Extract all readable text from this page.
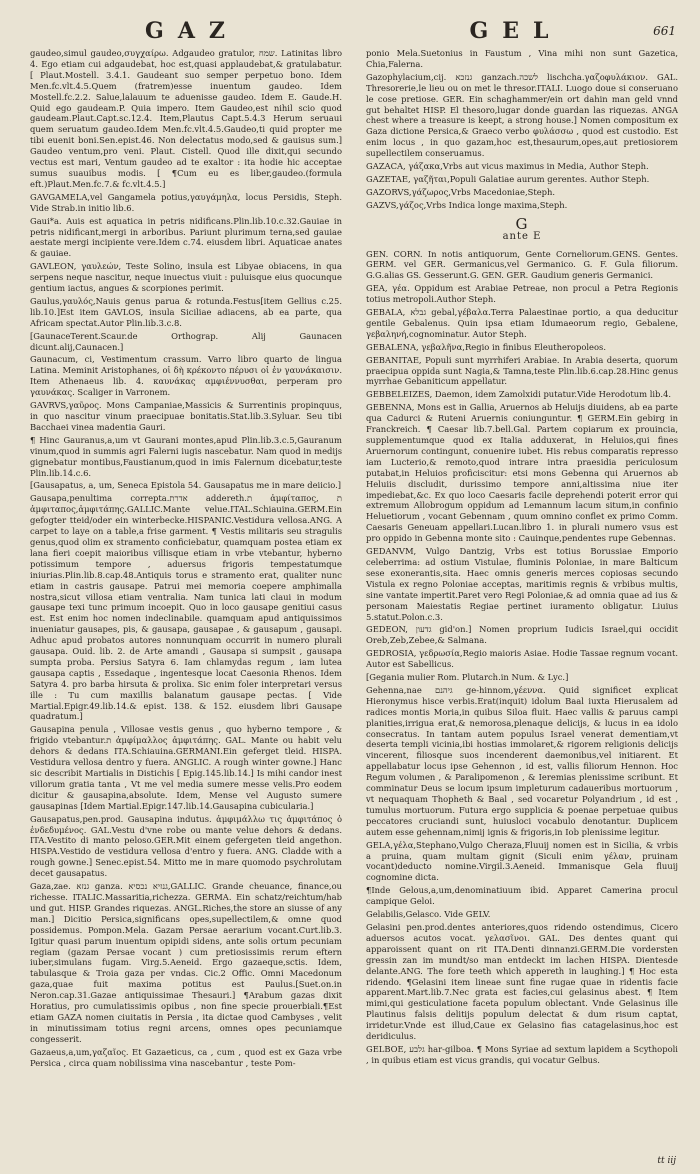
GAZ	GEL	661

gaudeo,simul gaudeo,συγχαίρω. Adgaudeo gratulor, שמח. Latinitas libro 4. Ego etiam cui adgaudebat, hoc est,quasi applaudebat,& gratulabatur. [ Plaut.Mostell. 3.4.1. Gaudeant suo semper perpetuo bono. Idem Men.fc.vlt.4.5.Quem (fratrem)esse inuentum gaudeo. Idem Mostell.fc.2.2. Salue,lalauum te aduenisse gaudeo. Idem E. Gaude.H. Quid ego gaudeam.P. Quia impero. Item Gaudeo,est nihil scio quod gaudeam.Plaut.Capt.sc.12.4. Item,Plautus Capt.5.4.3 Herum seruaui quem seruatum gaudeo.Idem Men.fc.vlt.4.5.Gaudeo,ti quid propter me tibi euenit boni.Sen.epist.46. Non delectatus modo,sed & gauisus sum.] Gaudeo ventum,pro veni. Plaut. Cistell. Quod ille dixit,qui secundo vectus est mari, Ventum gaudeo ad te exaltor : ita hodie hic acceptae sumus suauibus modis. [ ¶Cum eu es liber,gaudeo.(formula eft.)Plaut.Men.fc.7.& fc.vlt.4.5.]

GAVGAMELA,vel Gangamela potius,γαυγάμηλα, locus Persidis, Steph. Vide Strab.in initio lib.6.

Gaui*a. Auis est aquatica in petris nidificans.Plin.lib.10.c.32.Gauiae in petris nidificant,mergi in arboribus. Pariunt plurimum terna,sed gauiae aestate mergi incipiente vere.Idem c.74. eiusdem libri. Aquaticae anates & gauiae.

GAVLEON, γαυλεών, Teste Solino, insula est Libyae obiacens, in qua serpens neque nascitur, neque inuectus viuit : puluisque eius quocunque gentium iactus, angues & scorpiones perimit.

Gaulus,γαυλός,Nauis genus parua & rotunda.Festus[item Gellius c.25. lib.10.]Est item GAVLOS, insula Siciliae adiacens, ab ea parte, qua Africam spectat.Autor Plin.lib.3.c.8.

[GaunaceTerent.Scaur.de Orthograp. Alij Gaunacen dicunt.alij,Caunacen.]

Gaunacum, ci, Vestimentum crassum. Varro libro quarto de lingua Latina. Meminit Aristophanes, οἱ δὴ κρέκοντο πέρυσι οἱ ἐν γαυνάκαισιν. Item Athenaeus lib. 4. καυνάκας αμφιέννυσθαι, perperam pro γαυνάκας. Scaliger in Varronem.

GAVRVS,γαῦρος. Mons Campaniae,Massicis & Surrentinis propinquus, in quo nascitur vinum praecipuae bonitatis.Stat.lib.3.Syluar. Seu tibi Bacchaei vinea madentia Gauri.

¶ Hinc Gauranus,a,um vt Gaurani montes,apud Plin.lib.3.c.5,Gauranum vinum,quod in summis agri Falerni iugis nascebatur. Nam quod in medijs gignebatur montibus,Faustianum,quod in imis Falernum dicebatur,teste Plin.lib.14.c.6.

[Gausapatus, a, um, Seneca Epistola 54. Gausapatus me in mare deiicio.]

Gausapa,penultima correpta.אדרת addereth.ת ἀμφίταπος, ת ἀμφιταπος,ἀμφιτάπης.GALLIC.Mante velue.ITAL.Schiauina.GERM.Ein gefogter tteid/oder ein winterbecke.HISPANIC.Vestidura vellosa.ANG. A carpet to laye on a table,a frise garment. ¶ Vestis militaris seu stragulis genus,quod olim ex stramento conficiebatur, quamquam postea etiam ex lana fieri coepit maioribus villisque etiam in vrbe vtebantur, hyberno potissimum tempore , aduersus frigoris tempestatumque iniurias.Plin.lib.8.cap.48.Antiquis torus e stramento erat, qualiter nunc etiam in castris gausape. Patrui mei memoria coepere amphimalla nostra,sicut villosa etiam ventralia. Nam tunica lati claui in modum gausape texi tunc primum incoepit. Quo in loco gausape genitiui casus est. Est enim hoc nomen indeclinabile. quamquam apud antiquissimos inueniatur gausapes, pis, & gausapa, gausapae , & gausapum , gausapi. Adhuc apud probatos autores nonnunquam occurrit in numero plurali gausapa. Ouid. lib. 2. de Arte amandi , Gausapa si sumpsit , gausapa sumpta proba. Persius Satyra 6. Iam chlamydas regum , iam lutea gausapa captis , Essedaque , ingentesque locat Caesonia Rhenos. Idem Satyra 4. pro barba hirsuta & prolixa. Sic enim foler interpretari versus ille : Tu cum maxillis balanatum gausape pectas. [ Vide Martial.Epigr.49.lib.14.& epist. 138. & 152. eiusdem libri Gausape quadratum.]

Gausapina penula , Villosae vestis genus , quo hyberno tempore , & frigido vtebantur.ת ἀμφίμαλλος ἀμφιτάπης. GAL. Mante ou habit velu dehors & dedans ITA.Schiauina.GERMANI.Ein geferget tleid. HISPA. Vestidura vellosa dentro y fuera. ANGLIC. A rough winter gowne.] Hanc sic describit Martialis in Distichis [ Epig.145.lib.14.] Is mihi candor inest villorum gratia tanta , Vt me vel media sumere messe velis.Pro eodem dicitur & gausapina,absolute. Idem, Mense vel Augusto sumere gausapinas [Idem Martial.Epigr.147.lib.14.Gausapina cubicularia.]

Gausapatus,pen.prod. Gausapina indutus. ἀμφιμάλλω τις ἀμφιτάπος ὁ ἐνδεδυμένος. GAL.Vestu d'vne robe ou mante velue dehors & dedans. ITA.Vestito di manto peloso.GER.Mit einem gefergeten tleid angethon. HISPA.Vestido de vestidura vellosa d'entro y fuera. ANG. Cladde with a rough gowne.] Senec.epist.54. Mitto me in mare quomodo psychrolutam decet gausapatus.

Gaza,zae. גנזא ganza. גנזיא נכסיא,GALLIC. Grande cheuance, finance,ou richesse. ITALIC.Massaritia,richezza. GERMA. Ein schatz/reichtum/hab und gut. HISP. Grandes riquezas. ANGL.Riches,the store an siusse of any man.] Dicitio Persica,significans opes,supellectilem,& omne quod possidemus. Pompon.Mela. Gazam Persae aerarium vocant.Curt.lib.3. Igitur quasi parum inuentum opipidi sidens, ante solis ortum pecuniam regiam (gazam Persae vocant ) cum pretiosissimis rerum eftern iuber,simulans fugam. Virg.5.Aeneid. Ergo gazaeque,sctis. Idem, tabulasque & Troia gaza per vndas. Cic.2 Offic. Omni Macedonum gaza,quae fuit maxima potitus est Paulus.[Suet.on.in Neron.cap.31.Gazae antiquissimae Thesauri.] ¶Arabum gazas dixit Horatius, pro cumulatissimis opibus , non fine specie prouerbiali.¶Est etiam GAZA nomen ciuitatis in Persia , ita dictae quod Cambyses , velit in minutissimam totius regni arcens, omnes opes pecuniamque congesserit.

Gazaeus,a,um,γαζαῖος. Et Gazaeticus, ca , cum , quod est ex Gaza vrbe Persica , circa quam nobilissima vina nascebantur , teste Pom-

ponio Mela.Suetonius in Faustum , Vina mihi non sunt Gazetica, Chia,Falerna.

Gazophylacium,cij. גנזכא ganzach.לשכה lischcha.γαζοφυλάκιον. GAL. Thresorerie,le lieu ou on met le thresor.ITALI. Luogo doue si conseruano le cose pretiose. GER. Ein schaghammer/ein ort dahin man geld vnnd gut behaltet HISP. El thesoro,lugar donde guardan las riquezas. ANGA chest where a treasure is keept, a strong house.] Nomen compositum ex Gaza dictione Persica,& Graeco verbo φυλάσσω , quod est custodio. Est enim locus , in quo gazam,hoc est,thesaurum,opes,aut pretiosiorem supellectilem conseruamus.

GAZACA, γάζακα,Vrbs aut vicus maximus in Media, Author Steph.

GAZETAE, γαζῆται,Populi Galatiae aurum gerentes. Author Steph.

GAZORVS,γάζωρος,Vrbs Macedoniae,Steph.

GAZVS,γάζος,Vrbs Indica longe maxima,Steph.

G
ante E

GEN. CORN. In notis antiquorum, Gente Corneliorum.GENS. Gentes. GERM. vel GER. Germanicus,vel Germanico. G. F. Gula filiorum. G.G.alias GS. Gesserunt.G. GEN. GER. Gaudium generis Germanici.

GEA, γέα. Oppidum est Arabiae Petreae, non procul a Petra Regionis totius metropoli.Author Steph.

GEBALA, גבלא gebal,γέβαλα.Terra Palaestinae portio, a qua deducitur gentile Gebalenus. Quin ipsa etiam Idumaeorum regio, Gebalene, γεβαληνή,cognominatur. Autor Steph.

GEBALENA, γεβαλῆνα,Regio in finibus Eleutheropoleos.

GEBANITAE, Populi sunt myrrhiferi Arabiae. In Arabia deserta, quorum praecipua oppida sunt Nagia,& Tamna,teste Plin.lib.6.cap.28.Hinc genus myrrhae Gebaniticum appellatur.

GEBBELEIZES, Daemon, idem Zamolxidi putatur.Vide Herodotum lib.4.

GEBENNA, Mons est in Gallia, Aruernos ab Heluijs diuidens, ab ea parte qua Cadurci & Ruteni Aruernis coniunguntur. ¶ GERM.Ein gebirg in Franckreich. ¶ Caesar lib.7.bell.Gal. Partem copiarum ex prouincia, supplementumque quod ex Italia adduxerat, in Heluios,qui fines Aruernorum contingunt, conuenire iubet. His rebus comparatis represso iam Lucterio,& remoto,quod intrare intra praesidia periculosum putabat,in Heluios proficiscitur: etsi mons Gebenna qui Aruernos ab Heluiis discludit, durissimo tempore anni,altissima niue iter impediebat,&c. Ex quo loco Caesaris facile deprehendi poterit error qui extremum Allobrogum oppidum ad Lemannum lacum situm,in confinio Heluetiorum , vocant Gebennam , quum omnino conflet ex primo Comm. Caesaris Geneuam appellari.Lucan.libro 1. in plurali numero vsus est pro oppido in Gebenna monte sito : Cauinque,pendentes rupe Gebennas.

GEDANVM, Vulgo Dantzig, Vrbs est totius Borussiae Emporio celeberrima: ad ostium Vistulae, fluminis Poloniae, in mare Balticum sese exonerantis,sita. Haec omnis generis merces copiosas secundo Vistula ex regno Poloniae acceptas, maritimis regnis & vrbibus multis, sine vantate impertit.Paret vero Regi Poloniae,& ad omnia quae ad ius & personam Maiestatis Regiae pertinet iuramento obligatur. Liuius 5.statut.Polon.c.3.

GEDEON, גדעון gid'on.] Nomen proprium Iudicis Israel,qui occidit Oreb,Zeb,Zebee,& Salmana.

GEDROSIA, γεδρωσία,Regio maioris Asiae. Hodie Tassae regnum vocant. Autor est Sabellicus.

[Gegania mulier Rom. Plutarch.in Num. & Lyc.]

Gehenna,nae גיהנם ge-hinnom,γέεννα. Quid significet explicat Hieronymus hisce verbis.Erat(inquit) idolum Baal iuxta Hierusalem ad radices montis Moria,in quibus Siloa fluit. Haec vallis & paruus campi planities,irrigua erat,& nemorosa,plenaque delicijs, & lucus in ea idolo consecratus. In tantam autem populus Israel venerat dementiam,vt deserta templi vicinia,ibi hostias immolaret,& rigorem religionis delicijs vincerent, filiosque suos incenderent daemonibus,vel initiarent. Et appellabatur locus ipse Gehennon , id est, vallis filiorum Hennon. Hoc Regum volumen , & Paralipomenon , & Ieremias plenissime scribunt. Et comminatur Deus se locum ipsum impleturum cadaueribus mortuorum , vt nequaquam Thopheth & Baal , sed vocaretur Polyandrium , id est , tumulus mortuorum. Futura ergo supplicia & poenae perpetuae quibus peccatores cruciandi sunt, huiusloci vocabulo denotantur. Duplicem autem esse gehennam,nimij ignis & frigoris,in Iob plenissime legitur.

GELA,γέλα,Stephano,Vulgo Cheraza,Fluuij nomen est in Sicilia, & vrbis a pruina, quam multam gignit (Siculi enim γέλαν, pruinam vocant)deducto nomine.Virgil.3.Aeneid. Immanisque Gela fluuij cognomine dicta.

¶Inde Gelous,a,um,denominatiuum ibid. Apparet Camerina procul campique Geloi.

Gelabilis,Gelasco. Vide GELV.

Gelasini pen.prod.dentes anteriores,quos ridendo ostendimus, Cicero aduersos acutos vocat. γελασῖνοι. GAL. Des dentes quant qui apparoissent quant on rit ITA.Denti dinnanzi.GERM.Die vordersten gressin zan im mundt/so man entdeckt im lachen HISPA. Dientesde delante.ANG. The fore teeth which appereth in laughing.] ¶ Hoc esta ridendo. ¶Gelasini item lineae sunt fine rugae quae in ridentis facie apparent.Mart.lib.7.Nec grata est facies,cui gelasinus abest. ¶ Item mimi,qui gesticulatione faceta populum oblectant. Vnde Gelasinus ille Plautinus falsis delitijs populum delectat & dum risum captat, irridetur.Vnde est illud,Caue ex Gelasino fias catagelasinus,hoc est deridiculus.

GELBOE, גלבע har-gilboa. ¶ Mons Syriae ad sextum lapidem a Scythopoli , in quibus etiam est vicus grandis, qui vocatur Gelbus.

tt iij
